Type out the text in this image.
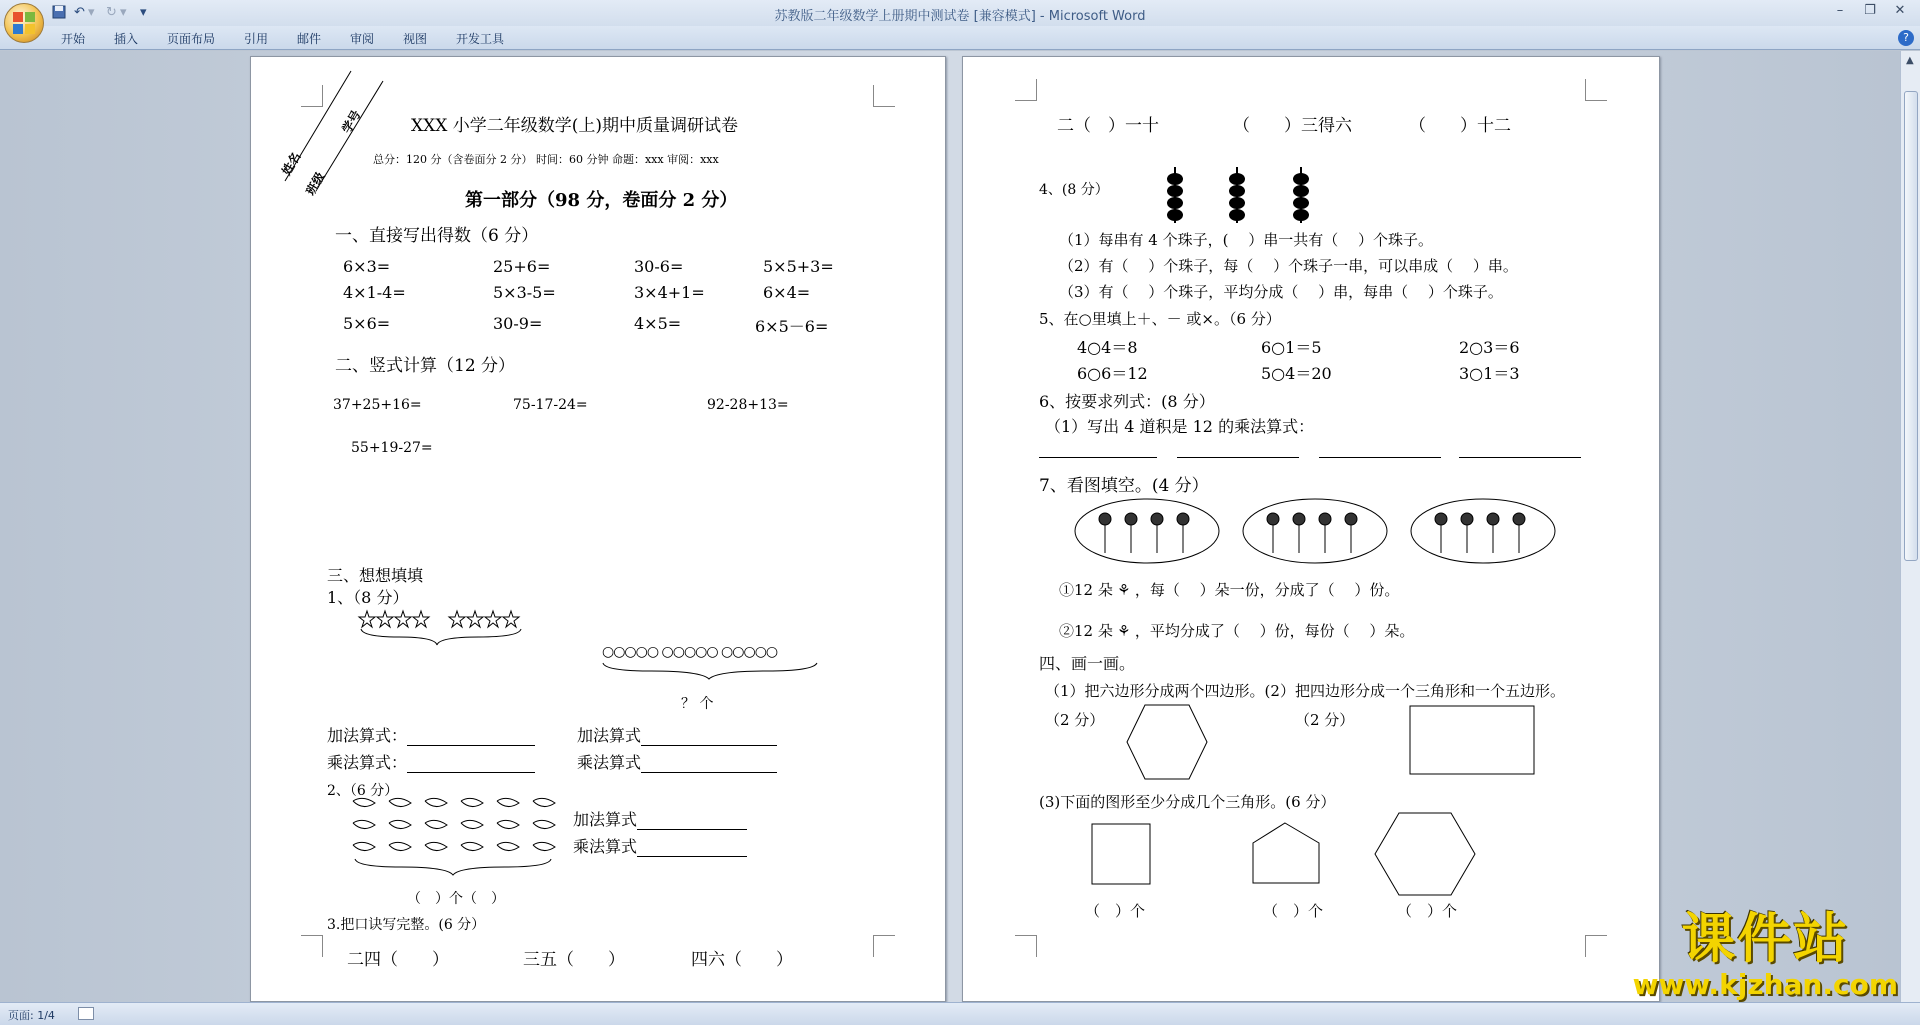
↶ ▾ ↻ ▾ ▾	苏教版二年级数学上册期中测试卷 [兼容模式] - Microsoft Word	–	❐	✕
开始 插入 页面布局 引用 邮件 审阅 视图 开发工具	?
姓名
班级
学号	XXX 小学二年级数学(上)期中质量调研试卷
总分：120 分（含卷面分 2 分） 时间：60 分钟 命题：xxx 审阅：xxx
第一部分（98 分，卷面分 2 分）
一、直接写出得数（6 分）
6×3=	25+6=	30-6=	5×5+3=
4×1-4=	5×3-5=	3×4+1=	6×4=
5×6=	30-9=	4×5=	6×5－6=
二、竖式计算（12 分）
37+25+16=	75-17-24=	92-28+13=
55+19-27=
三、想想填填
1、（8 分）
○○○○○ ○○○○○ ○○○○○
？ 个
加法算式：
乘法算式：
加法算式
乘法算式
2、（6 分）
加法算式
乘法算式
（　）个（　）
3.把口诀写完整。(6 分）
二四（　　）	三五（　　）	四六（　　）
二（　）一十	（　　）三得六	（　　）十二
4、(8 分）
（1）每串有 4 个珠子，(　 ）串一共有（　 ）个珠子。
（2）有（　 ）个珠子，每（　 ）个珠子一串，可以串成（　 ）串。
（3）有（　 ）个珠子，平均分成（　 ）串，每串（　 ）个珠子。
5、在○里填上＋、－ 或×。（6 分）
4○4＝8	6○1＝5	2○3＝6
6○6＝12	5○4＝20	3○1＝3
6、按要求列式：(8 分）
（1）写出 4 道积是 12 的乘法算式：
7、看图填空。(4 分）
①12 朵 ⚘ ，每（　 ）朵一份，分成了（　 ）份。
②12 朵 ⚘ ，平均分成了（　 ）份，每份（　 ）朵。
四、画一画。
（1）把六边形分成两个四边形。(2）把四边形分成一个三角形和一个五边形。
（2 分）	（2 分）
(3)下面的图形至少分成几个三角形。(6 分）
（　）个	（　）个	（　）个
▲
页面: 1/4
课件站
www.kjzhan.com
